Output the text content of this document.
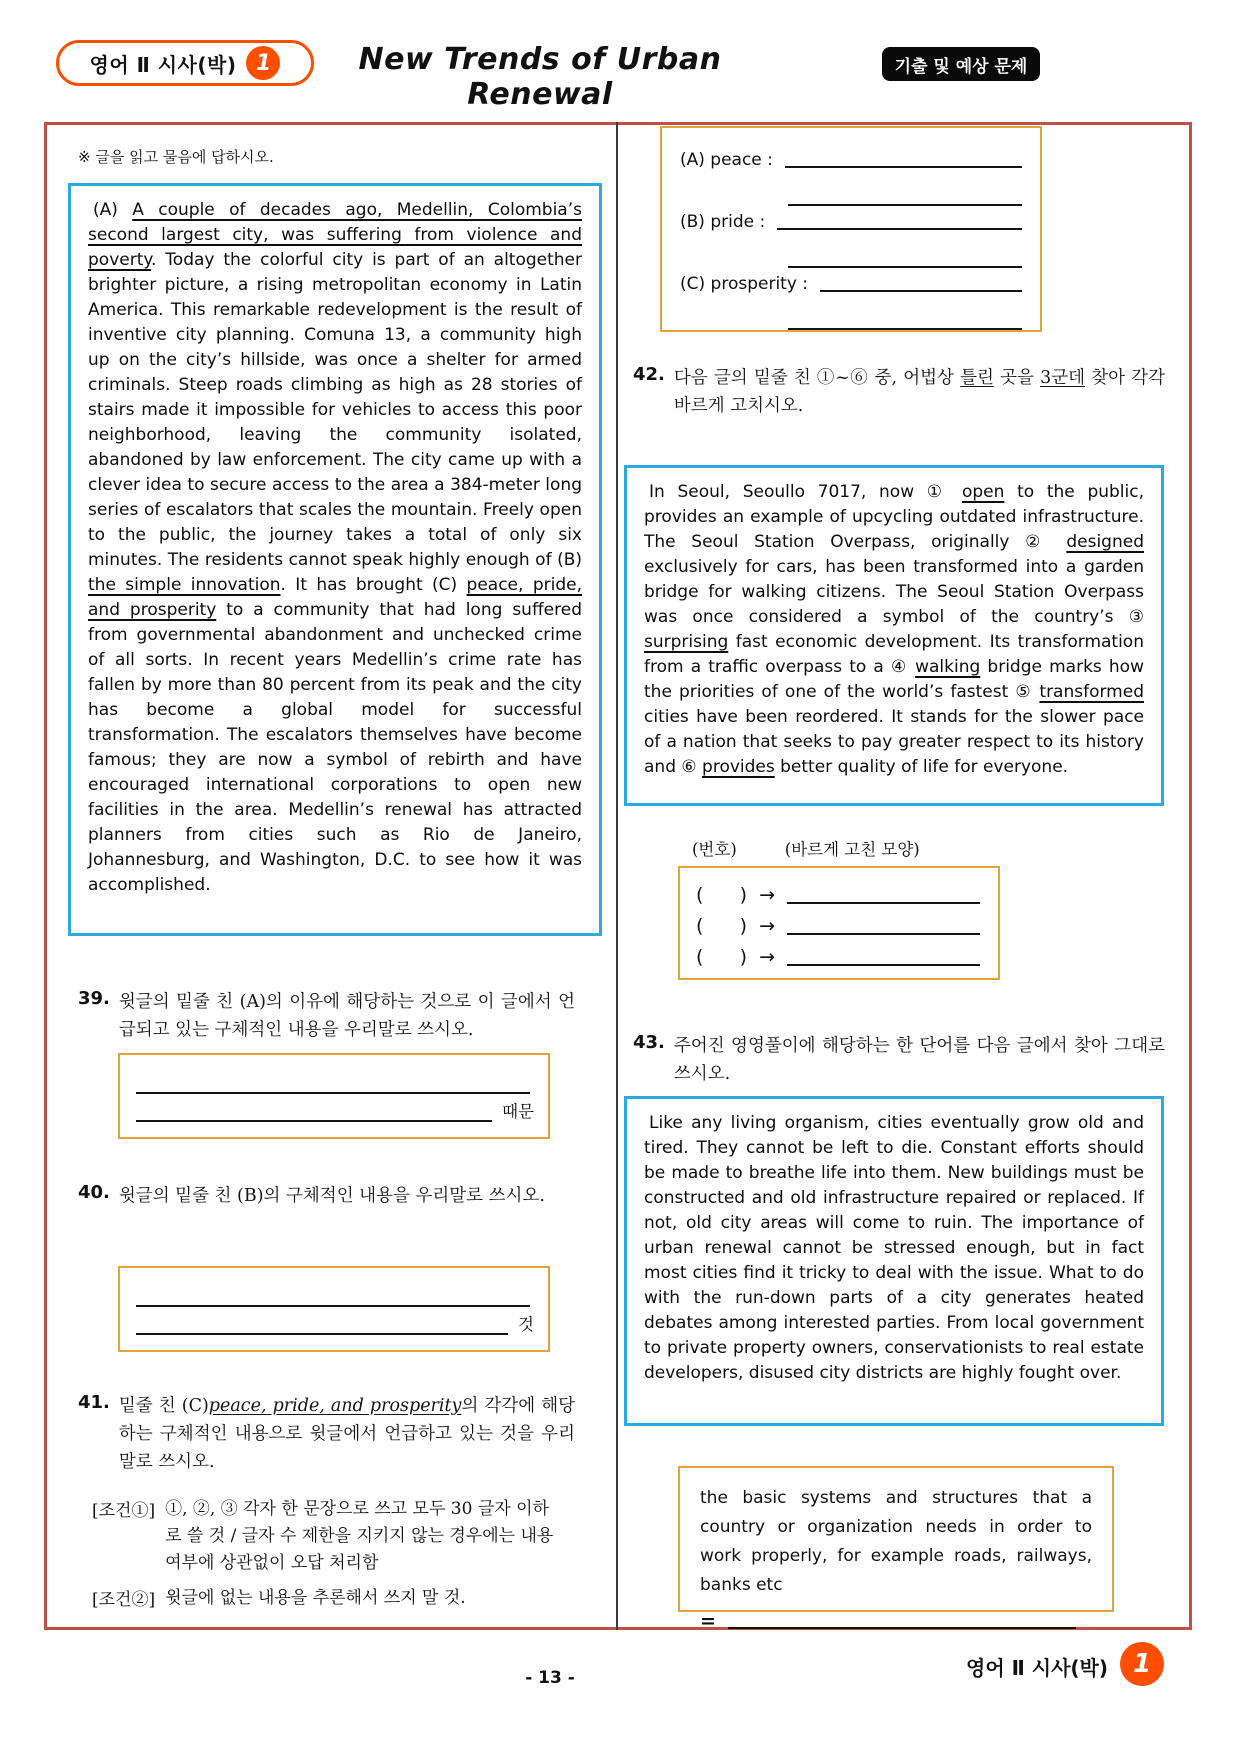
영어 Ⅱ 시사(박) 1	New Trends of Urban Renewal
기출 및 예상 문제
※ 글을 읽고 물음에 답하시오.
(A) A couple of decades ago, Medellin, Colombia’s second largest city, was suffering from violence and poverty. Today the colorful city is part of an altogether brighter picture, a rising metropolitan economy in Latin America. This remarkable redevelopment is the result of inventive city planning. Comuna 13, a community high up on the city’s hillside, was once a shelter for armed criminals. Steep roads climbing as high as 28 stories of stairs made it impossible for vehicles to access this poor neighborhood, leaving the community isolated, abandoned by law enforcement. The city came up with a clever idea to secure access to the area a 384-meter long series of escalators that scales the mountain. Freely open to the public, the journey takes a total of only six minutes. The residents cannot speak highly enough of (B) the simple innovation. It has brought (C) peace, pride, and prosperity to a community that had long suffered from governmental abandonment and unchecked crime of all sorts. In recent years Medellin’s crime rate has fallen by more than 80 percent from its peak and the city has become a global model for successful transformation. The escalators themselves have become famous; they are now a symbol of rebirth and have encouraged international corporations to open new facilities in the area. Medellin’s renewal has attracted planners from cities such as Rio de Janeiro, Johannesburg, and Washington, D.C. to see how it was accomplished.
39. 윗글의 밑줄 친 (A)의 이유에 해당하는 것으로 이 글에서 언급되고 있는 구체적인 내용을 우리말로 쓰시오.
때문
40. 윗글의 밑줄 친 (B)의 구체적인 내용을 우리말로 쓰시오.
것
41. 밑줄 친 (C)peace, pride, and prosperity의 각각에 해당하는 구체적인 내용으로 윗글에서 언급하고 있는 것을 우리말로 쓰시오.
[조건①] ①, ②, ③ 각자 한 문장으로 쓰고 모두 30 글자 이하로 쓸 것 / 글자 수 제한을 지키지 않는 경우에는 내용 여부에 상관없이 오답 처리함
[조건②] 윗글에 없는 내용을 추론해서 쓰지 말 것.
(A) peace :
(B) pride :
(C) prosperity :
42. 다음 글의 밑줄 친 ①~⑥ 중, 어법상 틀린 곳을 3군데 찾아 각각 바르게 고치시오.
In Seoul, Seoullo 7017, now ① open to the public, provides an example of upcycling outdated infrastructure. The Seoul Station Overpass, originally ② designed exclusively for cars, has been transformed into a garden bridge for walking citizens. The Seoul Station Overpass was once considered a symbol of the country’s ③ surprising fast economic development. Its transformation from a traffic overpass to a ④ walking bridge marks how the priorities of one of the world’s fastest ⑤ transformed cities have been reordered. It stands for the slower pace of a nation that seeks to pay greater respect to its history and ⑥ provides better quality of life for everyone.
(번호)	(바르게 고친 모양)
(      )  →
(      )  →
(      )  →
43. 주어진 영영풀이에 해당하는 한 단어를 다음 글에서 찾아 그대로 쓰시오.
Like any living organism, cities eventually grow old and tired. They cannot be left to die. Constant efforts should be made to breathe life into them. New buildings must be constructed and old infrastructure repaired or replaced. If not, old city areas will come to ruin. The importance of urban renewal cannot be stressed enough, but in fact most cities find it tricky to deal with the issue. What to do with the run-down parts of a city generates heated debates among interested parties. From local government to private property owners, conservationists to real estate developers, disused city districts are highly fought over.
the basic systems and structures that a country or organization needs in order to work properly, for example roads, railways, banks etc
=
- 13 -	영어 Ⅱ 시사(박) 1
